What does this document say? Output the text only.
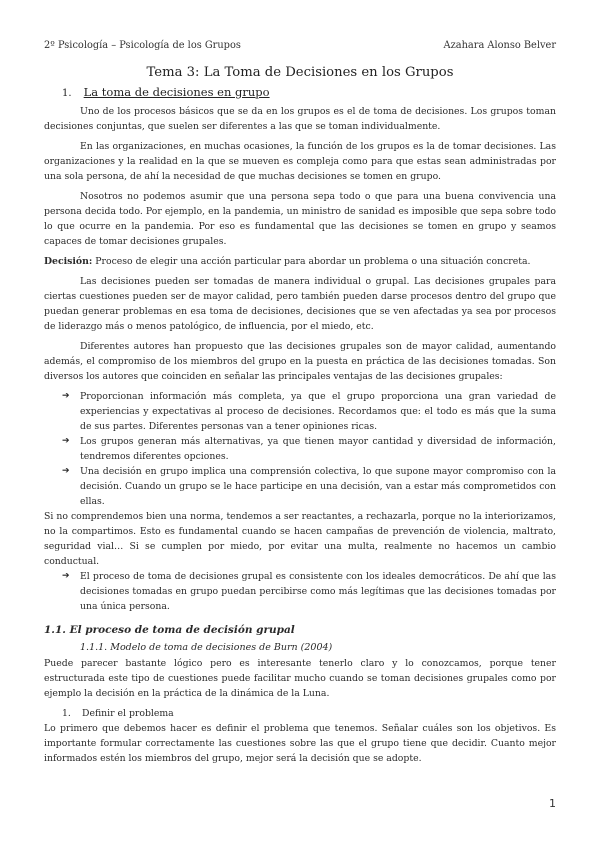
2º Psicología – Psicología de los Grupos	Azahara Alonso Belver
Tema 3: La Toma de Decisiones en los Grupos
1. La toma de decisiones en grupo

Uno de los procesos básicos que se da en los grupos es el de toma de decisiones. Los grupos toman decisiones conjuntas, que suelen ser diferentes a las que se toman individualmente.

En las organizaciones, en muchas ocasiones, la función de los grupos es la de tomar decisiones. Las organizaciones y la realidad en la que se mueven es compleja como para que estas sean administradas por una sola persona, de ahí la necesidad de que muchas decisiones se tomen en grupo.

Nosotros no podemos asumir que una persona sepa todo o que para una buena convivencia una persona decida todo. Por ejemplo, en la pandemia, un ministro de sanidad es imposible que sepa sobre todo lo que ocurre en la pandemia. Por eso es fundamental que las decisiones se tomen en grupo y seamos capaces de tomar decisiones grupales.

Decisión: Proceso de elegir una acción particular para abordar un problema o una situación concreta.

Las decisiones pueden ser tomadas de manera individual o grupal. Las decisiones grupales para ciertas cuestiones pueden ser de mayor calidad, pero también pueden darse procesos dentro del grupo que puedan generar problemas en esa toma de decisiones, decisiones que se ven afectadas ya sea por procesos de liderazgo más o menos patológico, de influencia, por el miedo, etc.

Diferentes autores han propuesto que las decisiones grupales son de mayor calidad, aumentando además, el compromiso de los miembros del grupo en la puesta en práctica de las decisiones tomadas. Son diversos los autores que coinciden en señalar las principales ventajas de las decisiones grupales:

➔ Proporcionan información más completa, ya que el grupo proporciona una gran variedad de experiencias y expectativas al proceso de decisiones. Recordamos que: el todo es más que la suma de sus partes. Diferentes personas van a tener opiniones ricas.
➔ Los grupos generan más alternativas, ya que tienen mayor cantidad y diversidad de información, tendremos diferentes opciones.
➔ Una decisión en grupo implica una comprensión colectiva, lo que supone mayor compromiso con la decisión. Cuando un grupo se le hace participe en una decisión, van a estar más comprometidos con ellas.

Si no comprendemos bien una norma, tendemos a ser reactantes, a rechazarla, porque no la interiorizamos, no la compartimos. Esto es fundamental cuando se hacen campañas de prevención de violencia, maltrato, seguridad vial… Si se cumplen por miedo, por evitar una multa, realmente no hacemos un cambio conductual.

➔ El proceso de toma de decisiones grupal es consistente con los ideales democráticos. De ahí que las decisiones tomadas en grupo puedan percibirse como más legítimas que las decisiones tomadas por una única persona.
1.1. El proceso de toma de decisión grupal
1.1.1. Modelo de toma de decisiones de Burn (2004)

Puede parecer bastante lógico pero es interesante tenerlo claro y lo conozcamos, porque tener estructurada este tipo de cuestiones puede facilitar mucho cuando se toman decisiones grupales como por ejemplo la decisión en la práctica de la dinámica de la Luna.

1. Definir el problema

Lo primero que debemos hacer es definir el problema que tenemos. Señalar cuáles son los objetivos. Es importante formular correctamente las cuestiones sobre las que el grupo tiene que decidir. Cuanto mejor informados estén los miembros del grupo, mejor será la decisión que se adopte.

1
